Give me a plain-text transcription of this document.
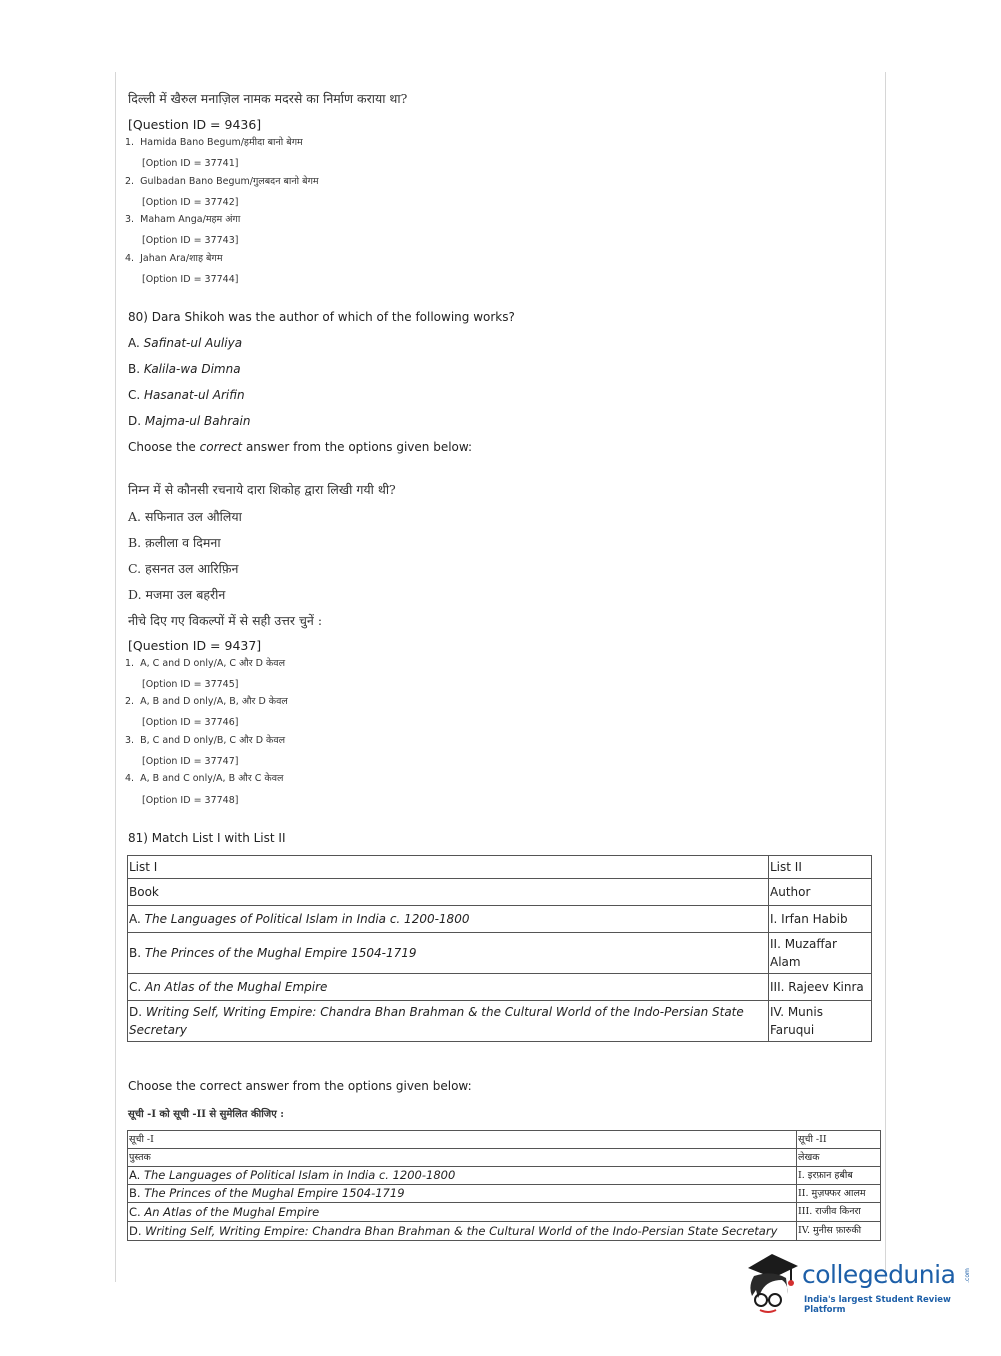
दिल्ली में खैरुल मनाज़िल नामक मदरसे का निर्माण कराया था?
[Question ID = 9436]
1. Hamida Bano Begum/हमीदा बानो बेगम
[Option ID = 37741]
2. Gulbadan Bano Begum/गुलबदन बानो बेगम
[Option ID = 37742]
3. Maham Anga/महम अंगा
[Option ID = 37743]
4. Jahan Ara/शाह बेगम
[Option ID = 37744]
80) Dara Shikoh was the author of which of the following works?
A. Safinat-ul Auliya
B. Kalila-wa Dimna
C. Hasanat-ul Arifin
D. Majma-ul Bahrain
Choose the correct answer from the options given below:
निम्न में से कौनसी रचनाये दारा शिकोह द्वारा लिखी गयी थी?
A. सफिनात उल औलिया
B. क़लीला व दिमना
C. हसनत उल आरिफ़िन
D. मजमा उल बहरीन
नीचे दिए गए विकल्पों में से सही उत्तर चुनें :
[Question ID = 9437]
1. A, C and D only/A, C और D केवल
[Option ID = 37745]
2. A, B and D only/A, B, और D केवल
[Option ID = 37746]
3. B, C and D only/B, C और D केवल
[Option ID = 37747]
4. A, B and C only/A, B और C केवल
[Option ID = 37748]
81) Match List I with List II
List I	List II
Book	Author
A. The Languages of Political Islam in India c. 1200-1800	I. Irfan Habib
B. The Princes of the Mughal Empire 1504-1719	II. Muzaffar Alam
C. An Atlas of the Mughal Empire	III. Rajeev Kinra
D. Writing Self, Writing Empire: Chandra Bhan Brahman & the Cultural World of the Indo-Persian State Secretary	IV. Munis Faruqui
Choose the correct answer from the options given below:
सूची -I को सूची -II से सुमेलित कीजिए :
सूची -I	सूची -II
पुस्तक	लेखक
A. The Languages of Political Islam in India c. 1200-1800	I. इरफ़ान हबीब
B. The Princes of the Mughal Empire 1504-1719	II. मुज़फ्फर आलम
C. An Atlas of the Mughal Empire	III. राजीव किनरा
D. Writing Self, Writing Empire: Chandra Bhan Brahman & the Cultural World of the Indo-Persian State Secretary	IV. मुनीस फ़ारुकी
collegedunia .com
India's largest Student Review Platform
